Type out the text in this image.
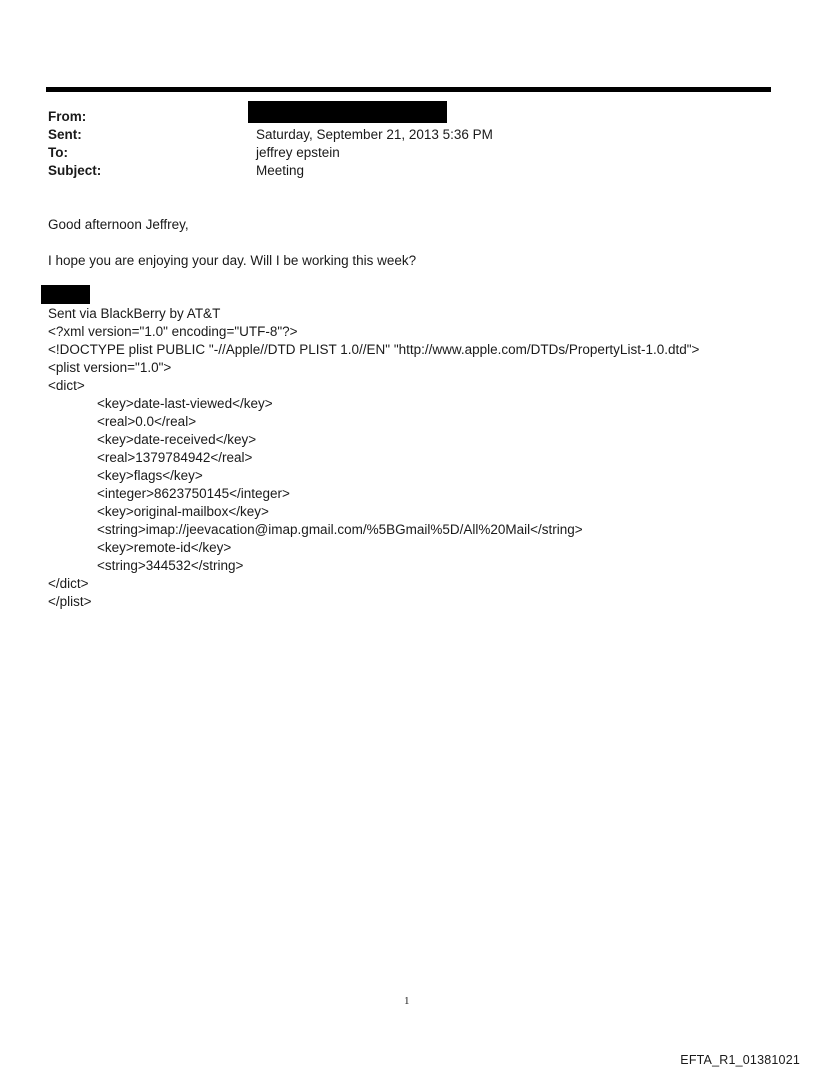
From:
Sent:	Saturday, September 21, 2013 5:36 PM
To:	jeffrey epstein
Subject:	Meeting
Good afternoon Jeffrey,
I hope you are enjoying your day. Will I be working this week?
Sent via BlackBerry by AT&T
<?xml version="1.0" encoding="UTF-8"?>
<!DOCTYPE plist PUBLIC "-//Apple//DTD PLIST 1.0//EN" "http://www.apple.com/DTDs/PropertyList-1.0.dtd">
<plist version="1.0">
<dict>
<key>date-last-viewed</key>
<real>0.0</real>
<key>date-received</key>
<real>1379784942</real>
<key>flags</key>
<integer>8623750145</integer>
<key>original-mailbox</key>
<string>imap://jeevacation@imap.gmail.com/%5BGmail%5D/All%20Mail</string>
<key>remote-id</key>
<string>344532</string>
</dict>
</plist>
1
EFTA_R1_01381021
